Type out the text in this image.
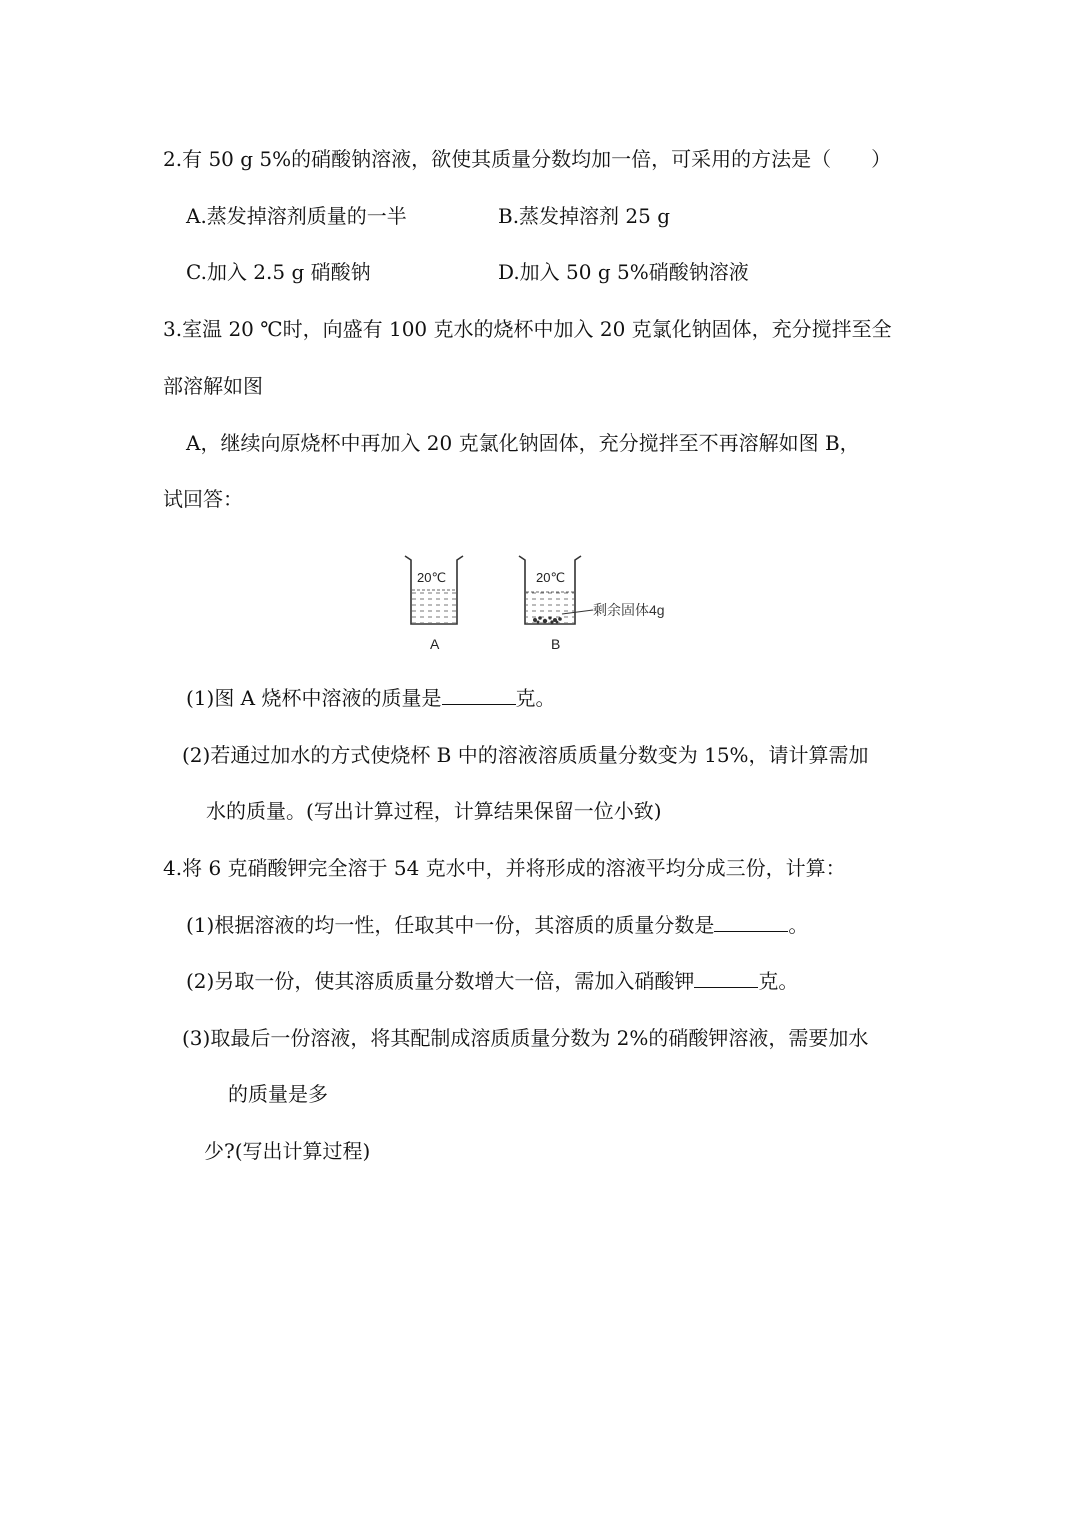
2.有 50 g 5%的硝酸钠溶液，欲使其质量分数均加一倍，可采用的方法是（　　）
A.蒸发掉溶剂质量的一半	B.蒸发掉溶剂 25 g
C.加入 2.5 g 硝酸钠	D.加入 50 g 5%硝酸钠溶液
3.室温 20 ℃时，向盛有 100 克水的烧杯中加入 20 克氯化钠固体，充分搅拌至全
部溶解如图
A，继续向原烧杯中再加入 20 克氯化钠固体，充分搅拌至不再溶解如图 B，
试回答：
20℃
A
20℃
B
剩余固体4g
(1)图 A 烧杯中溶液的质量是	克。
(2)若通过加水的方式使烧杯 B 中的溶液溶质质量分数变为 15%，请计算需加
水的质量。(写出计算过程，计算结果保留一位小致)
4.将 6 克硝酸钾完全溶于 54 克水中，并将形成的溶液平均分成三份，计算：
(1)根据溶液的均一性，任取其中一份，其溶质的质量分数是	。
(2)另取一份，使其溶质质量分数增大一倍，需加入硝酸钾	克。
(3)取最后一份溶液，将其配制成溶质质量分数为 2%的硝酸钾溶液，需要加水
的质量是多
少?(写出计算过程)
